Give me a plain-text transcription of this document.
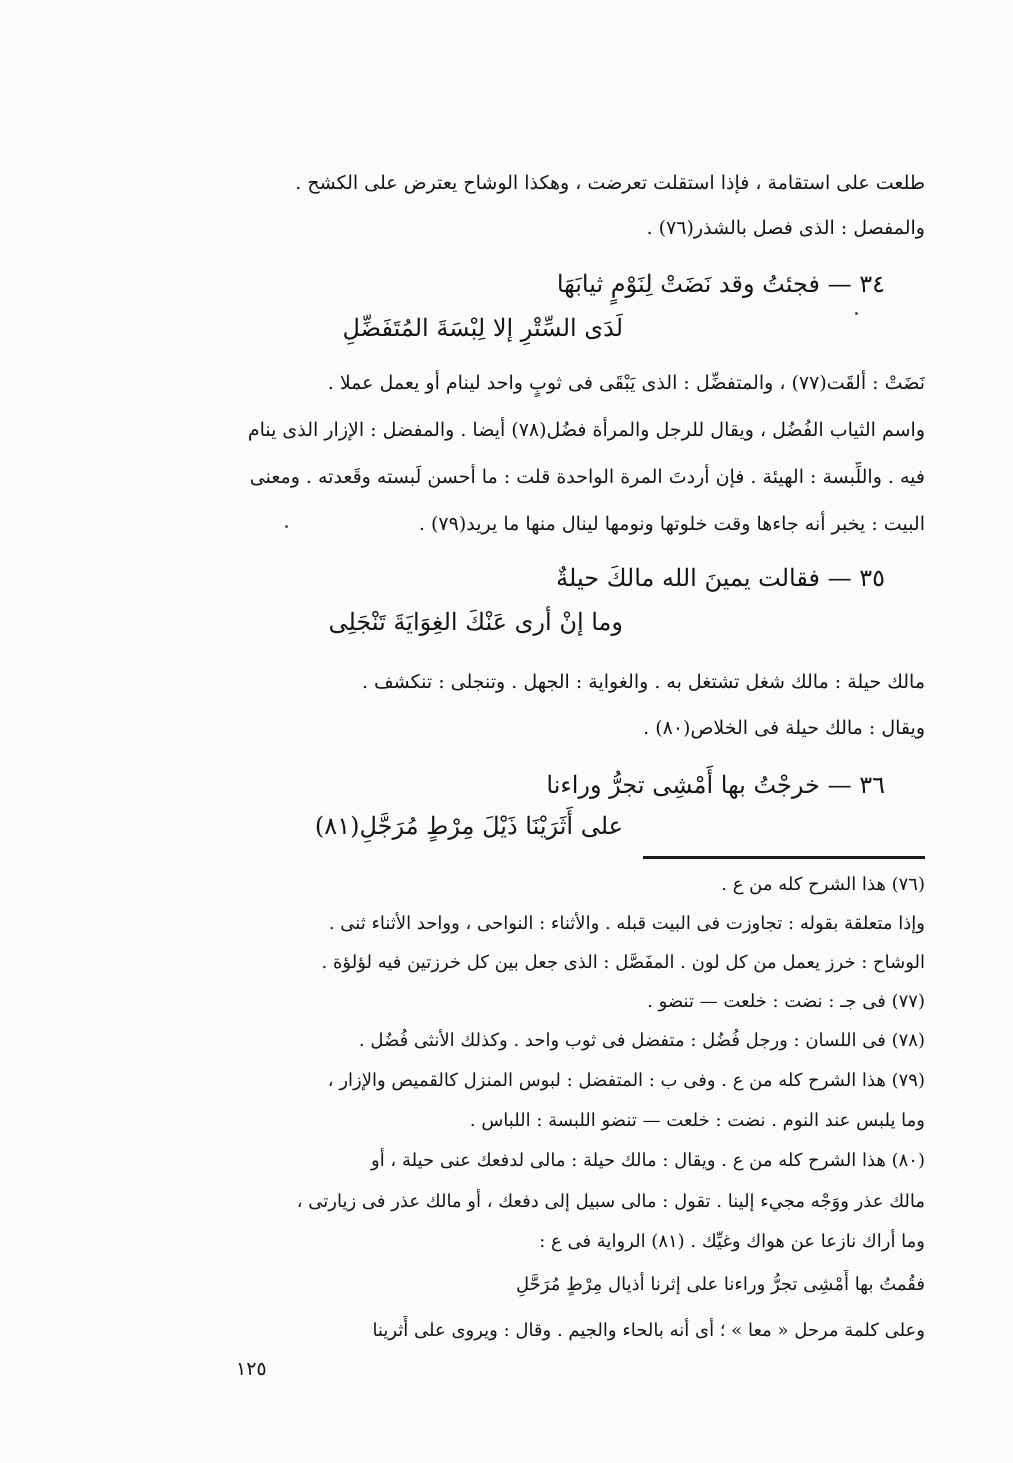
طلعت على استقامة ، فإذا استقلت تعرضت ، وهكذا الوشاح يعترض على الكشح .
والمفصل : الذى فصل بالشذر(٧٦) .
٣٤ — فجئتُ وقد نَضَتْ لِنَوْمٍ ثيابَهَا
لَدَى السِّتْرِ إلا لِبْسَةَ المُتَفَضِّلِ
نَضَتْ : ألقَت(٧٧) ، والمتفضِّل : الذى يَبْقَى فى ثوبٍ واحد لينام أو يعمل عملا .
واسم الثياب الفُضُل ، ويقال للرجل والمرأة فضُل(٧٨) أيضا . والمفضل : الإزار الذى ينام
فيه . واللِّبسة : الهيئة . فإن أردتَ المرة الواحدة قلت : ما أحسن لَبسته وقَعدته . ومعنى
البيت : يخبر أنه جاءها وقت خلوتها ونومها لينال منها ما يريد(٧٩) .
٣٥ — فقالت يمينَ الله مالكَ حيلةٌ
وما إنْ أرى عَنْكَ الغِوَايَةَ تَنْجَلِى
مالك حيلة : مالك شغل تشتغل به . والغواية : الجهل . وتنجلى : تنكشف .
ويقال : مالك حيلة فى الخلاص(٨٠) .
٣٦ — خرجْتُ بها أَمْشِى تجرُّ وراءنا
على أَثَرَيْنَا ذَيْلَ مِرْطٍ مُرَجَّلِ(٨١)
(٧٦) هذا الشرح كله من ع .
وإذا متعلقة بقوله : تجاوزت فى البيت قبله . والأثناء : النواحى ، وواحد الأثناء ثنى .
الوشاح : خرز يعمل من كل لون . المفَصَّل : الذى جعل بين كل خرزتين فيه لؤلؤة .
(٧٧) فى جـ : نضت : خلعت — تنضو .
(٧٨) فى اللسان : ورجل فُضُل : متفضل فى ثوب واحد . وكذلك الأنثى فُضُل .
(٧٩) هذا الشرح كله من ع . وفى ب : المتفضل : لبوس المنزل كالقميص والإزار ،
وما يلبس عند النوم . نضت : خلعت — تنضو اللبسة : اللباس .
(٨٠) هذا الشرح كله من ع . ويقال : مالك حيلة : مالى لدفعك عنى حيلة ، أو
مالك عذر ووَجْه مجيء إلينا . تقول : مالى سبيل إلى دفعك ، أو مالك عذر فى زيارتى ،
وما أراك نازعا عن هواك وغيِّك . (٨١) الرواية فى ع :
فقُمتُ بها أَمْشِى تجرُّ وراءنا على إثرنا أذيال مِرْطٍ مُرَحَّلِ
وعلى كلمة مرحل « معا » ؛ أى أنه بالحاء والجيم . وقال : ويروى على أَثرينا
١٢٥
